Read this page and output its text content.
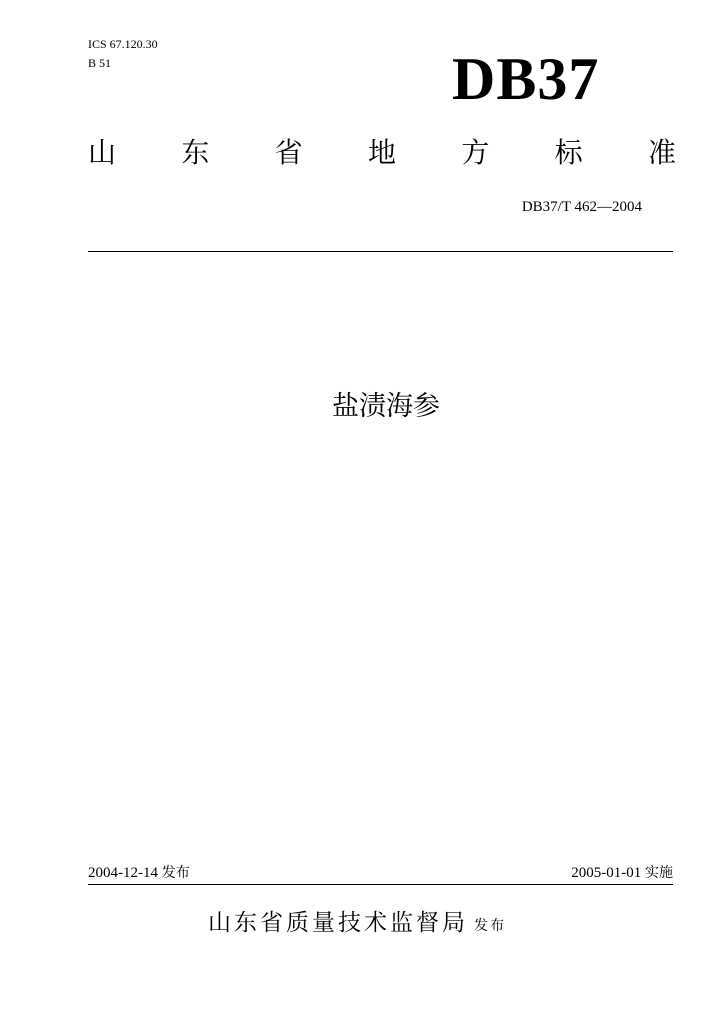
ICS 67.120.30
B 51	DB37
山 东 省 地 方 标 准
DB37/T 462—2004
盐渍海参
2004-12-14 发布	2005-01-01 实施
山东省质量技术监督局 发布
